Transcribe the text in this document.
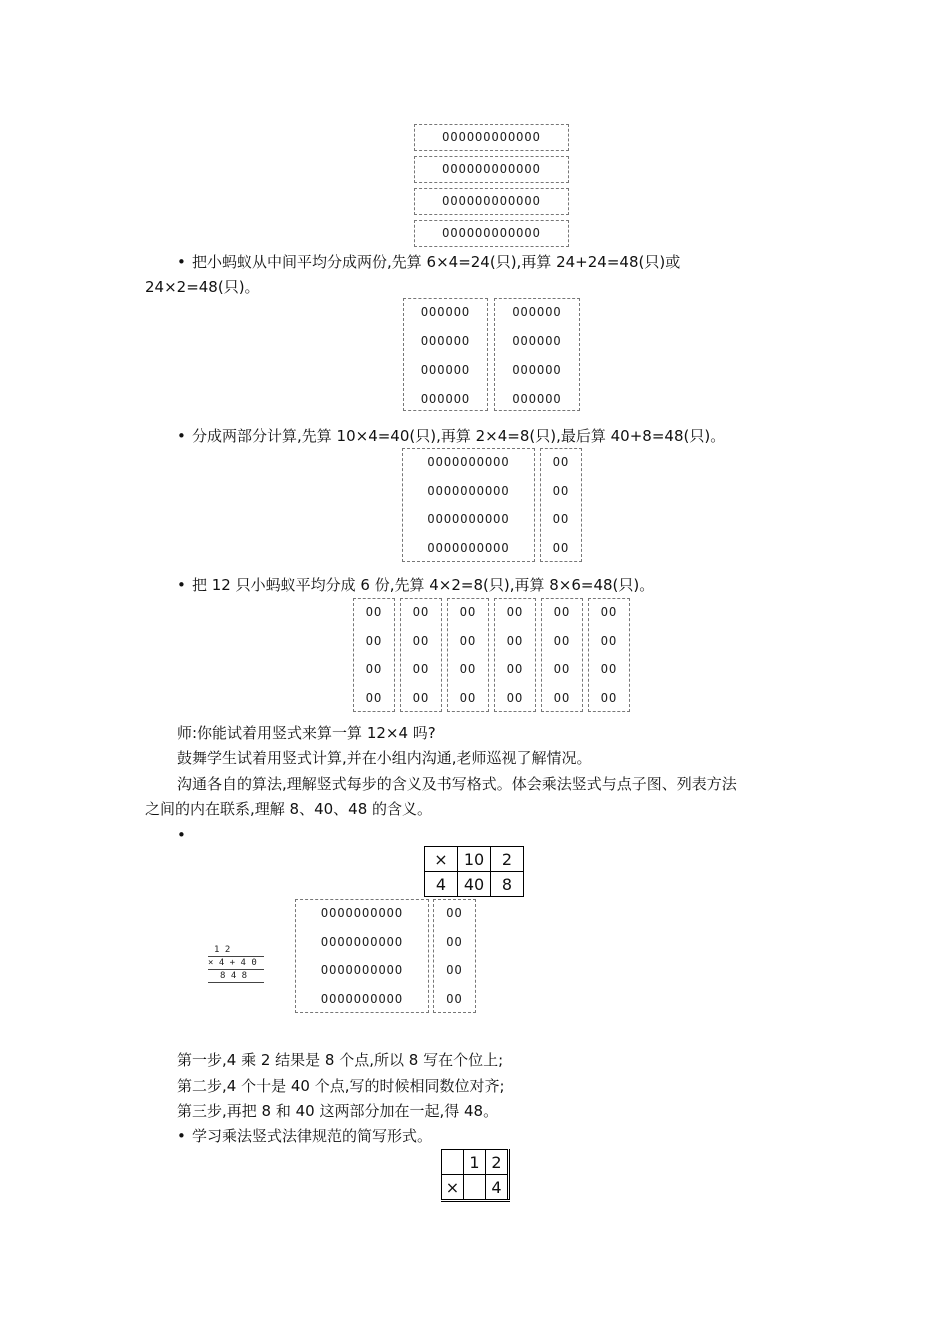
OOOOOOOOOOOO
OOOOOOOOOOOO
OOOOOOOOOOOO
OOOOOOOOOOOO
• 把小蚂蚁从中间平均分成两份,先算 6×4=24(只),再算 24+24=48(只)或
24×2=48(只)。
OOOOOO
OOOOOO
OOOOOO
OOOOOO
OOOOOO
OOOOOO
OOOOOO
OOOOOO
• 分成两部分计算,先算 10×4=40(只),再算 2×4=8(只),最后算 40+8=48(只)。
OOOOOOOOOO
OOOOOOOOOO
OOOOOOOOOO
OOOOOOOOOO
OO
OO
OO
OO
• 把 12 只小蚂蚁平均分成 6 份,先算 4×2=8(只),再算 8×6=48(只)。
OO
OO
OO
OO
OO
OO
OO
OO
OO
OO
OO
OO
OO
OO
OO
OO
OO
OO
OO
OO
OO
OO
OO
OO
师:你能试着用竖式来算一算 12×4 吗?
鼓舞学生试着用竖式计算,并在小组内沟通,老师巡视了解情况。
沟通各自的算法,理解竖式每步的含义及书写格式。体会乘法竖式与点子图、列表方法
之间的内在联系,理解 8、40、48 的含义。
•
×	10	2
4	40	8
OOOOOOOOOO
OOOOOOOOOO
OOOOOOOOOO
OOOOOOOOOO
OO
OO
OO
OO
1 2
× 4 + 4 0
8 4 8
第一步,4 乘 2 结果是 8 个点,所以 8 写在个位上;
第二步,4 个十是 40 个点,写的时候相同数位对齐;
第三步,再把 8 和 40 这两部分加在一起,得 48。
• 学习乘法竖式法律规范的简写形式。
	1	2
×		4
